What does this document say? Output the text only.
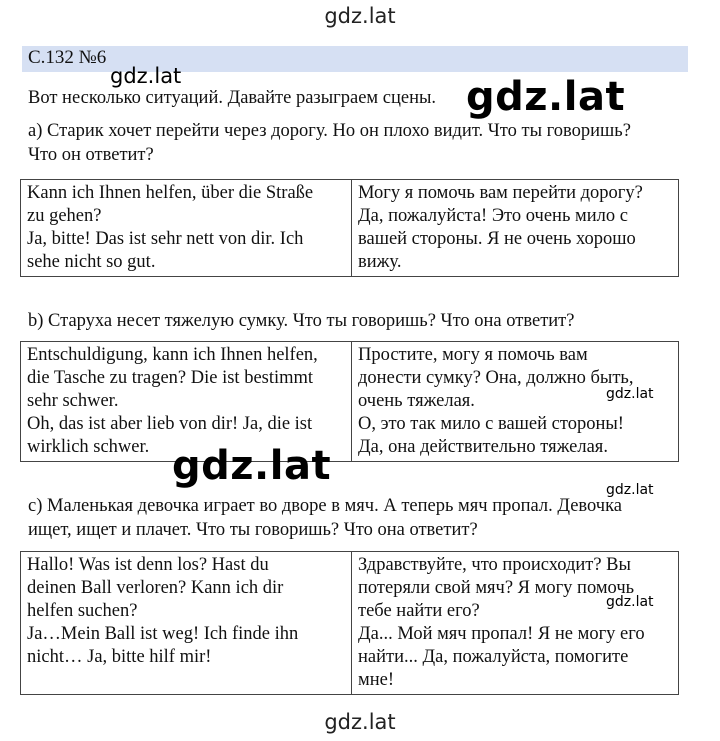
gdz.lat
С.132 №6
gdz.lat
Вот несколько ситуаций. Давайте разыграем сцены. gdz.lat
а) Старик хочет перейти через дорогу. Но он плохо видит. Что ты говоришь?
Что он ответит?
Kann ich Ihnen helfen, über die Straße
zu gehen?
Ja, bitte! Das ist sehr nett von dir. Ich
sehe nicht so gut.

Могу я помочь вам перейти дорогу?
Да, пожалуйста! Это очень мило с
вашей стороны. Я не очень хорошо
вижу.
b) Старуха несет тяжелую сумку. Что ты говоришь? Что она ответит?
Entschuldigung, kann ich Ihnen helfen,
die Tasche zu tragen? Die ist bestimmt
sehr schwer.
Oh, das ist aber lieb von dir! Ja, die ist
wirklich schwer.

Простите, могу я помочь вам
донести сумку? Она, должно быть,
очень тяжелая.
О, это так мило с вашей стороны!
Да, она действительно тяжелая.
gdz.lat
gdz.lat
gdz.lat
с) Маленькая девочка играет во дворе в мяч. А теперь мяч пропал. Девочка
ищет, ищет и плачет. Что ты говоришь? Что она ответит?
Hallo! Was ist denn los? Hast du
deinen Ball verloren? Kann ich dir
helfen suchen?
Ja…Mein Ball ist weg! Ich finde ihn
nicht… Ja, bitte hilf mir!

Здравствуйте, что происходит? Вы
потеряли свой мяч? Я могу помочь
тебе найти его?
Да... Мой мяч пропал! Я не могу его
найти... Да, пожалуйста, помогите
мне!
gdz.lat
gdz.lat
